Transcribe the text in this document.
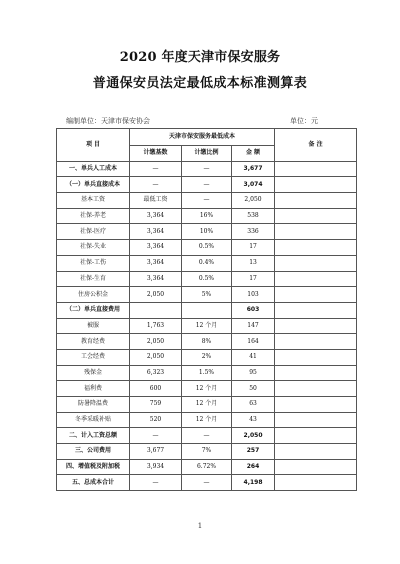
2020 年度天津市保安服务
普通保安员法定最低成本标准测算表
编制单位：天津市保安协会	单位：元
项 目	天津市保安服务最低成本			备 注
	计缴基数	计缴比例	金 额	
一、单兵人工成本	—	—	3,677	
（一）单兵直接成本	—	—	3,074	
基本工资	最低工资	—	2,050	
社保-养老	3,364	16%	538	
社保-医疗	3,364	10%	336	
社保-失业	3,364	0.5%	17	
社保-工伤	3,364	0.4%	13	
社保-生育	3,364	0.5%	17	
住房公积金	2,050	5%	103	
（二）单兵直接费用			603	
被服	1,763	12 个月	147	
教育经费	2,050	8%	164	
工会经费	2,050	2%	41	
残保金	6,323	1.5%	95	
福利费	600	12 个月	50	
防暑降温费	759	12 个月	63	
冬季采暖补贴	520	12 个月	43	
二、计入工资总额	—	—	2,050	
三、公司费用	3,677	7%	257	
四、增值税及附加税	3,934	6.72%	264	
五、总成本合计	—	—	4,198	
1
